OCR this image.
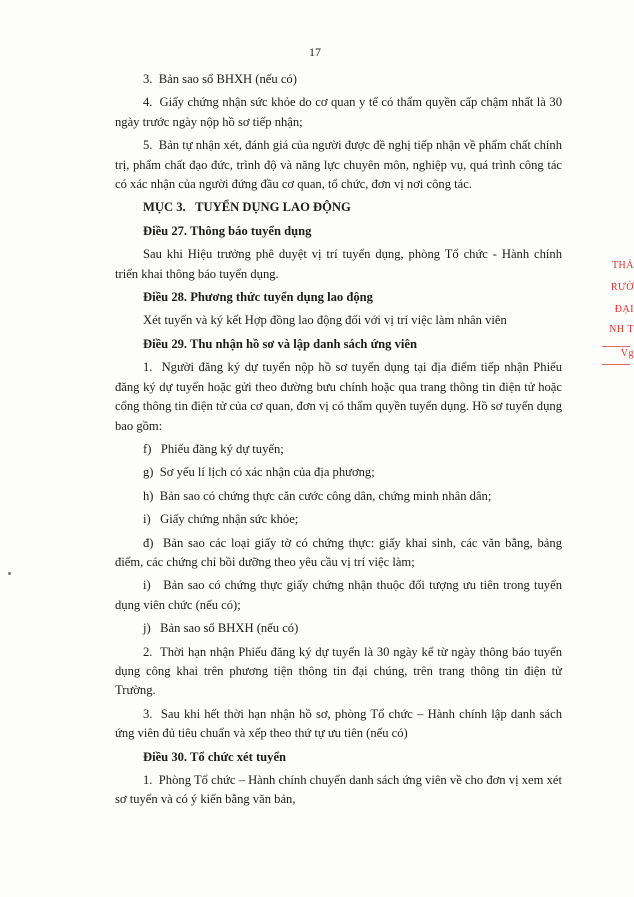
17

3.  Bản sao sổ BHXH (nếu có)

4.  Giấy chứng nhận sức khỏe do cơ quan y tế có thẩm quyền cấp chậm nhất là 30 ngày trước ngày nộp hồ sơ tiếp nhận;

5.  Bản tự nhận xét, đánh giá của người được đề nghị tiếp nhận về phẩm chất chính trị, phẩm chất đạo đức, trình độ và năng lực chuyên môn, nghiệp vụ, quá trình công tác có xác nhận của người đứng đầu cơ quan, tổ chức, đơn vị nơi công tác.

MỤC 3.   TUYỂN DỤNG LAO ĐỘNG

Điều 27. Thông báo tuyển dụng

Sau khi Hiệu trưởng phê duyệt vị trí tuyển dụng, phòng Tổ chức - Hành chính triển khai thông báo tuyển dụng.

Điều 28. Phương thức tuyển dụng lao động

Xét tuyển và ký kết Hợp đồng lao động đối với vị trí việc làm nhân viên

Điều 29. Thu nhận hồ sơ và lập danh sách ứng viên

1.  Người đăng ký dự tuyển nộp hồ sơ tuyển dụng tại địa điểm tiếp nhận Phiếu đăng ký dự tuyển hoặc gửi theo đường bưu chính hoặc qua trang thông tin điện tử hoặc cổng thông tin điện tử của cơ quan, đơn vị có thẩm quyền tuyển dụng. Hồ sơ tuyển dụng bao gồm:

f)   Phiếu đăng ký dự tuyển;

g)  Sơ yếu lí lịch có xác nhận của địa phương;

h)  Bản sao có chứng thực căn cước công dân, chứng minh nhân dân;

i)   Giấy chứng nhận sức khỏe;

đ)  Bản sao các loại giấy tờ có chứng thực: giấy khai sinh, các văn bằng, bảng điểm, các chứng chỉ bồi dưỡng theo yêu cầu vị trí việc làm;

i)   Bản sao có chứng thực giấy chứng nhận thuộc đối tượng ưu tiên trong tuyển dụng viên chức (nếu có);

j)   Bản sao sổ BHXH (nếu có)

2.  Thời hạn nhận Phiếu đăng ký dự tuyển là 30 ngày kể từ ngày thông báo tuyển dụng công khai trên phương tiện thông tin đại chúng, trên trang thông tin điện tử Trường.

3.  Sau khi hết thời hạn nhận hồ sơ, phòng Tổ chức – Hành chính lập danh sách ứng viên đủ tiêu chuẩn và xếp theo thứ tự ưu tiên (nếu có)

Điều 30. Tổ chức xét tuyển

1.  Phòng Tổ chức – Hành chính chuyển danh sách ứng viên về cho đơn vị xem xét sơ tuyển và có ý kiến bằng văn bản,

THẢ
RƯỜ
ĐẠI
NH T
Vg
